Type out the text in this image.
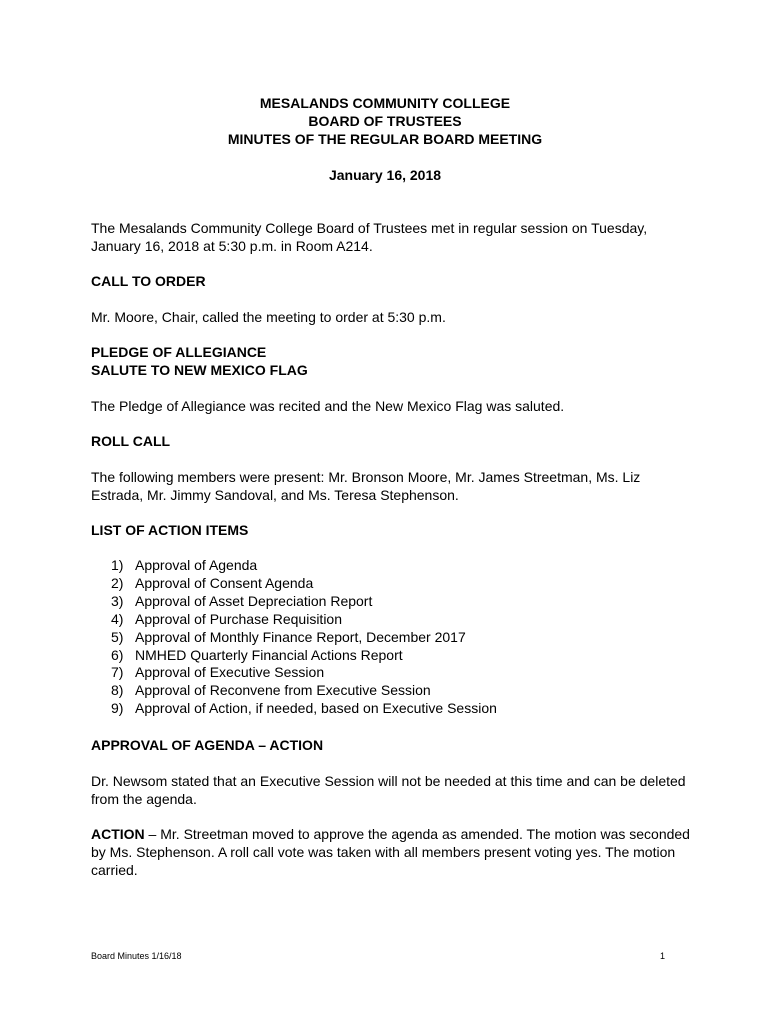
MESALANDS COMMUNITY COLLEGE
BOARD OF TRUSTEES
MINUTES OF THE REGULAR BOARD MEETING
January 16, 2018

The Mesalands Community College Board of Trustees met in regular session on Tuesday, January 16, 2018 at 5:30 p.m. in Room A214.

CALL TO ORDER

Mr. Moore, Chair, called the meeting to order at 5:30 p.m.

PLEDGE OF ALLEGIANCE

SALUTE TO NEW MEXICO FLAG

The Pledge of Allegiance was recited and the New Mexico Flag was saluted.

ROLL CALL

The following members were present: Mr. Bronson Moore, Mr. James Streetman, Ms. Liz Estrada, Mr. Jimmy Sandoval, and Ms. Teresa Stephenson.

LIST OF ACTION ITEMS

1) Approval of Agenda
2) Approval of Consent Agenda
3) Approval of Asset Depreciation Report
4) Approval of Purchase Requisition
5) Approval of Monthly Finance Report, December 2017
6) NMHED Quarterly Financial Actions Report
7) Approval of Executive Session
8) Approval of Reconvene from Executive Session
9) Approval of Action, if needed, based on Executive Session

APPROVAL OF AGENDA – ACTION

Dr. Newsom stated that an Executive Session will not be needed at this time and can be deleted from the agenda.

ACTION – Mr. Streetman moved to approve the agenda as amended. The motion was seconded by Ms. Stephenson. A roll call vote was taken with all members present voting yes. The motion carried.

Board Minutes 1/16/18	1
